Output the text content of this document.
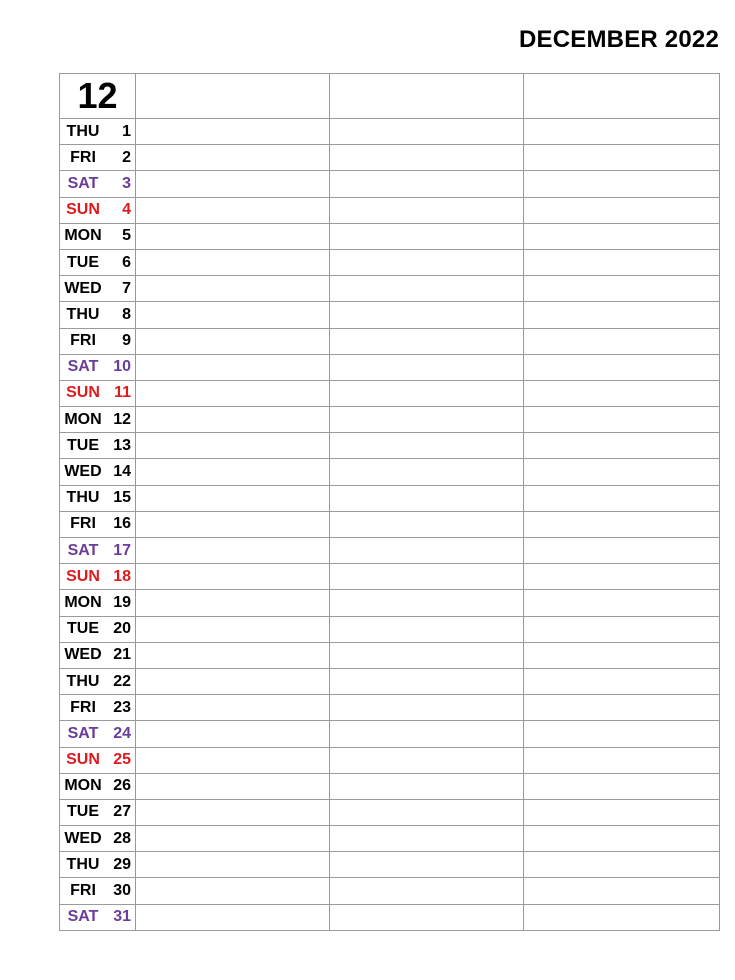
DECEMBER 2022
12			

THU 1			

FRI 2			

SAT 3			

SUN 4			

MON 5			

TUE 6			

WED 7			

THU 8			

FRI 9			

SAT 10			

SUN 11			

MON 12			

TUE 13			

WED 14			

THU 15			

FRI 16			

SAT 17			

SUN 18			

MON 19			

TUE 20			

WED 21			

THU 22			

FRI 23			

SAT 24			

SUN 25			

MON 26			

TUE 27			

WED 28			

THU 29			

FRI 30			

SAT 31			
